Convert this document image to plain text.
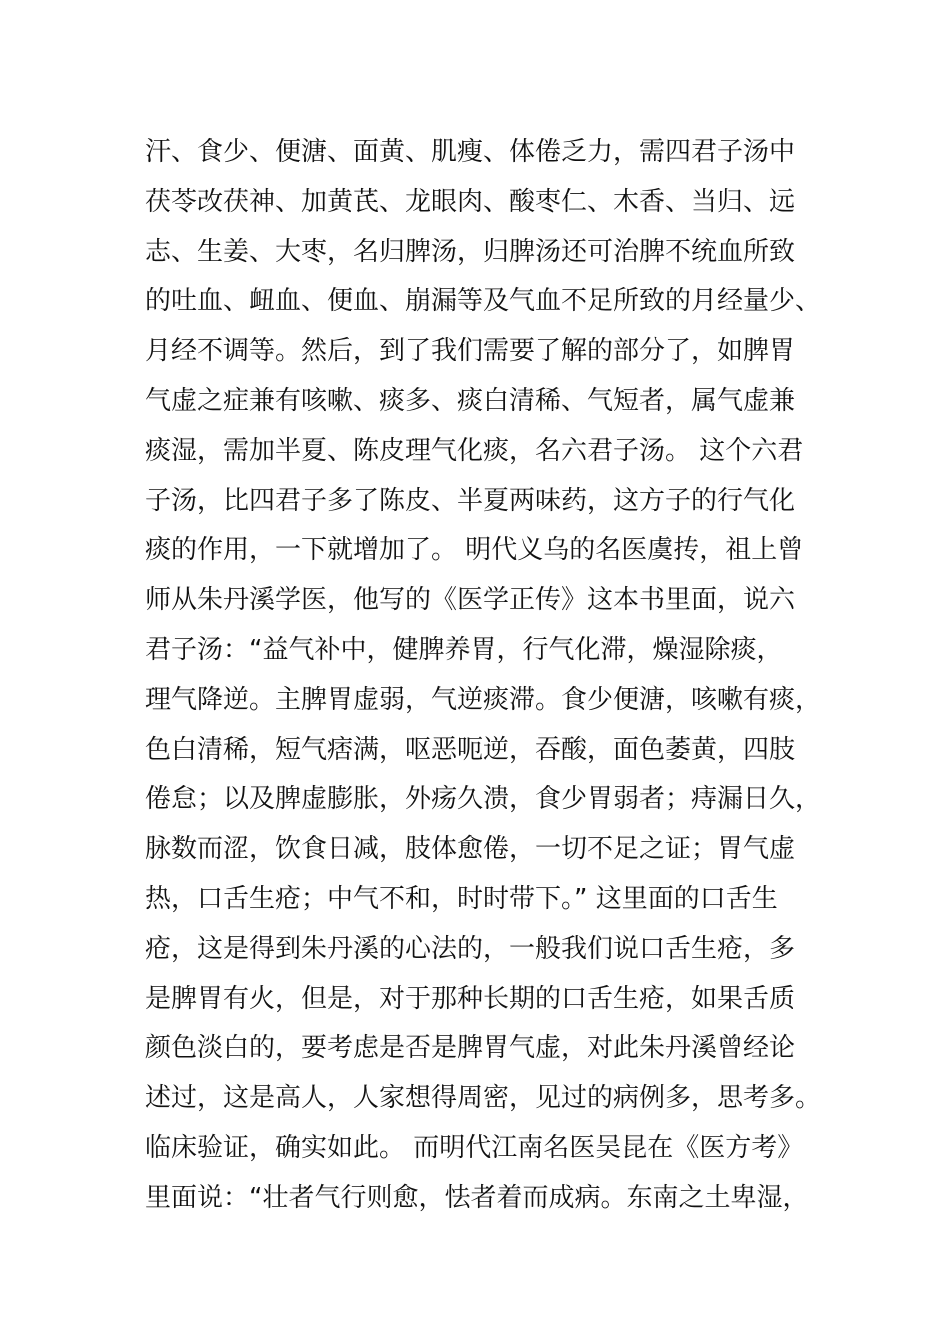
汗、食少、便溏、面黄、肌瘦、体倦乏力，需四君子汤中
茯苓改茯神、加黄芪、龙眼肉、酸枣仁、木香、当归、远
志、生姜、大枣，名归脾汤，归脾汤还可治脾不统血所致
的吐血、衄血、便血、崩漏等及气血不足所致的月经量少、
月经不调等。然后，到了我们需要了解的部分了，如脾胃
气虚之症兼有咳嗽、痰多、痰白清稀、气短者，属气虚兼
痰湿，需加半夏、陈皮理气化痰，名六君子汤。 这个六君
子汤，比四君子多了陈皮、半夏两味药，这方子的行气化
痰的作用，一下就增加了。 明代义乌的名医虞抟，祖上曾
师从朱丹溪学医，他写的《医学正传》这本书里面，说六
君子汤：“益气补中，健脾养胃，行气化滞，燥湿除痰，
理气降逆。主脾胃虚弱，气逆痰滞。食少便溏，咳嗽有痰，
色白清稀，短气痞满，呕恶呃逆，吞酸，面色萎黄，四肢
倦怠；以及脾虚膨胀，外疡久溃，食少胃弱者；痔漏日久，
脉数而涩，饮食日减，肢体愈倦，一切不足之证；胃气虚
热，口舌生疮；中气不和，时时带下。” 这里面的口舌生
疮，这是得到朱丹溪的心法的，一般我们说口舌生疮，多
是脾胃有火，但是，对于那种长期的口舌生疮，如果舌质
颜色淡白的，要考虑是否是脾胃气虚，对此朱丹溪曾经论
述过，这是高人，人家想得周密，见过的病例多，思考多。
临床验证，确实如此。 而明代江南名医吴昆在《医方考》
里面说：“壮者气行则愈，怯者着而成病。东南之土卑湿，
